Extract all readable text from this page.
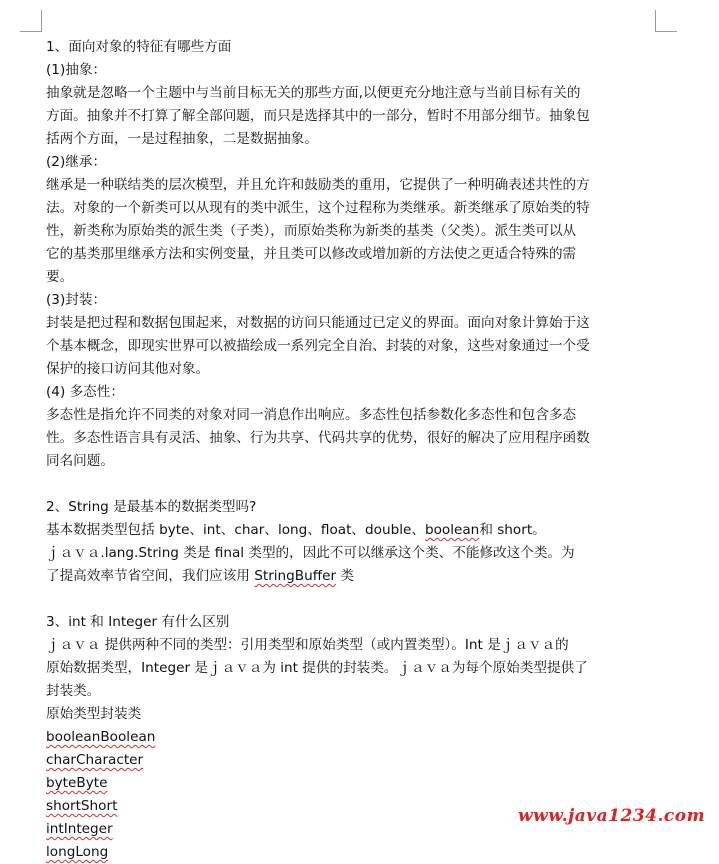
1、面向对象的特征有哪些方面
(1)抽象：
抽象就是忽略一个主题中与当前目标无关的那些方面,以便更充分地注意与当前目标有关的
方面。抽象并不打算了解全部问题，而只是选择其中的一部分，暂时不用部分细节。抽象包
括两个方面，一是过程抽象，二是数据抽象。
(2)继承：
继承是一种联结类的层次模型，并且允许和鼓励类的重用，它提供了一种明确表述共性的方
法。对象的一个新类可以从现有的类中派生，这个过程称为类继承。新类继承了原始类的特
性，新类称为原始类的派生类（子类），而原始类称为新类的基类（父类）。派生类可以从
它的基类那里继承方法和实例变量，并且类可以修改或增加新的方法使之更适合特殊的需
要。
(3)封装：
封装是把过程和数据包围起来，对数据的访问只能通过已定义的界面。面向对象计算始于这
个基本概念，即现实世界可以被描绘成一系列完全自治、封装的对象，这些对象通过一个受
保护的接口访问其他对象。
(4) 多态性：
多态性是指允许不同类的对象对同一消息作出响应。多态性包括参数化多态性和包含多态
性。多态性语言具有灵活、抽象、行为共享、代码共享的优势，很好的解决了应用程序函数
同名问题。
2、String 是最基本的数据类型吗?
基本数据类型包括 byte、int、char、long、float、double、boolean和 short。
ｊａｖａ.lang.String 类是 final 类型的，因此不可以继承这个类、不能修改这个类。为
了提高效率节省空间，我们应该用 StringBuffer 类
3、int 和 Integer 有什么区别
ｊａｖａ 提供两种不同的类型：引用类型和原始类型（或内置类型）。Int 是ｊａｖａ的
原始数据类型，Integer 是ｊａｖａ为 int 提供的封装类。ｊａｖａ为每个原始类型提供了
封装类。
原始类型封装类
booleanBoolean
charCharacter
byteByte
shortShort
intInteger
longLong
www.java1234.com
